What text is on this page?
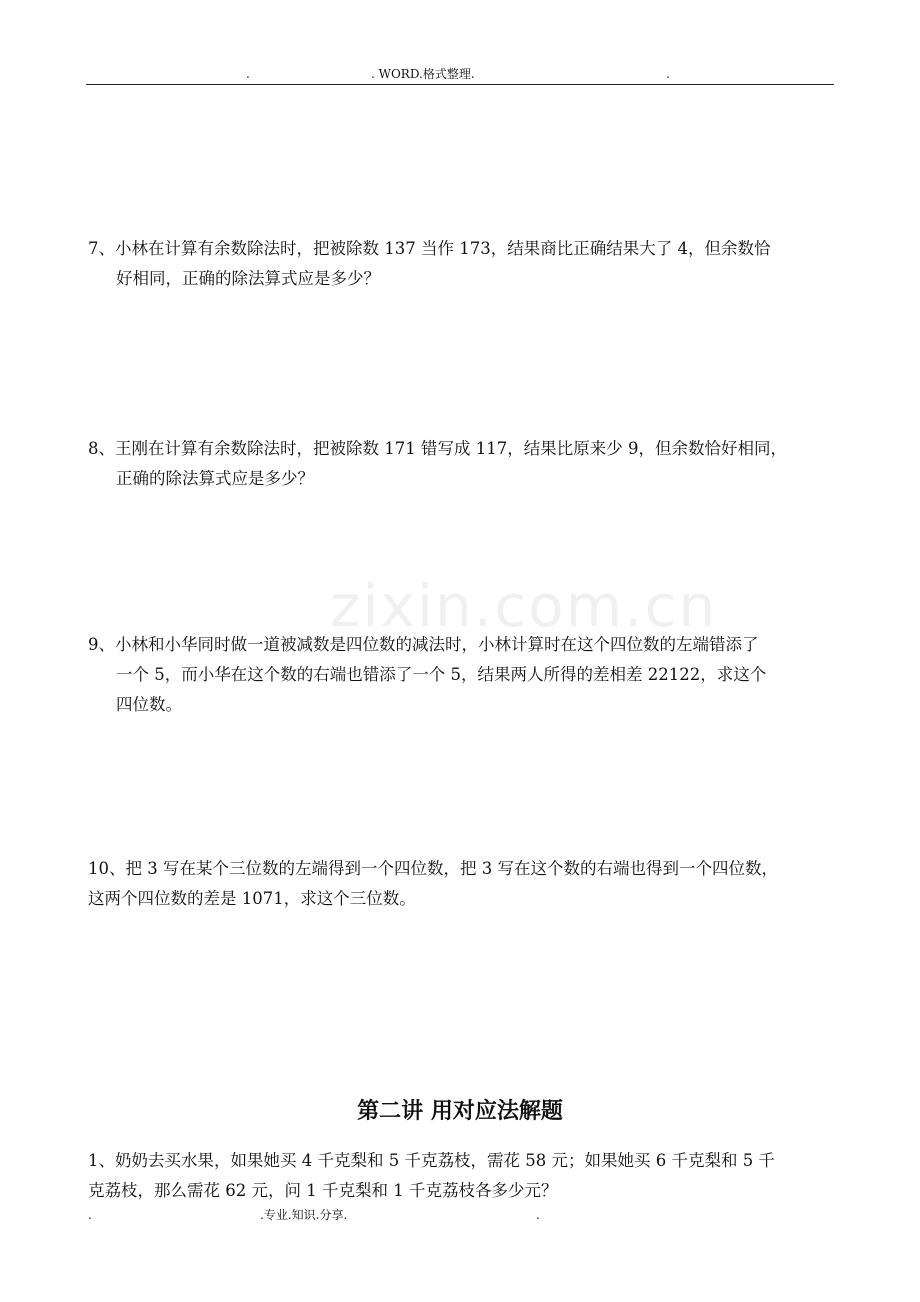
.	. WORD.格式整理.	.
zixin.com.cn
7、小林在计算有余数除法时，把被除数 137 当作 173，结果商比正确结果大了 4，但余数恰
好相同，正确的除法算式应是多少？
8、王刚在计算有余数除法时，把被除数 171 错写成 117，结果比原来少 9，但余数恰好相同，
正确的除法算式应是多少？
9、小林和小华同时做一道被减数是四位数的减法时，小林计算时在这个四位数的左端错添了
一个 5，而小华在这个数的右端也错添了一个 5，结果两人所得的差相差 22122，求这个
四位数。
10、把 3 写在某个三位数的左端得到一个四位数，把 3 写在这个数的右端也得到一个四位数，
这两个四位数的差是 1071，求这个三位数。
第二讲 用对应法解题
1、奶奶去买水果，如果她买 4 千克梨和 5 千克荔枝，需花 58 元；如果她买 6 千克梨和 5 千
克荔枝，那么需花 62 元，问 1 千克梨和 1 千克荔枝各多少元？
.	.专业.知识.分享.	.
